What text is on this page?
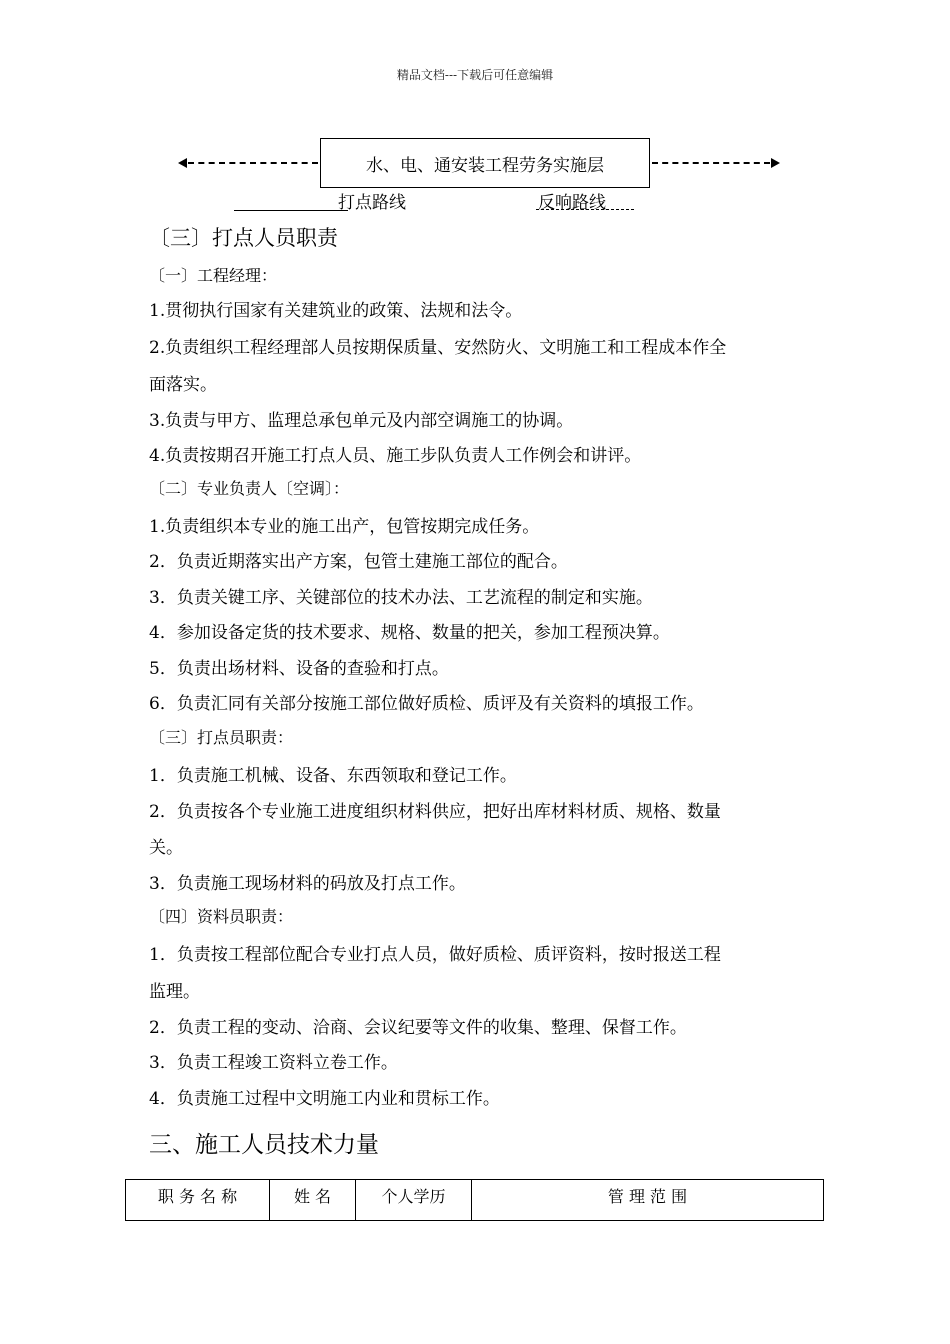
精品文档---下载后可任意编辑
水、电、通安装工程劳务实施层
打点路线	反响路线
〔三〕打点人员职责
〔一〕工程经理：
1.贯彻执行国家有关建筑业的政策、法规和法令。
2.负责组织工程经理部人员按期保质量、安然防火、文明施工和工程成本作全
面落实。
3.负责与甲方、监理总承包单元及内部空调施工的协调。
4.负责按期召开施工打点人员、施工步队负责人工作例会和讲评。
〔二〕专业负责人〔空调〕：
1.负责组织本专业的施工出产，包管按期完成任务。
2．负责近期落实出产方案，包管土建施工部位的配合。
3．负责关键工序、关键部位的技术办法、工艺流程的制定和实施。
4．参加设备定货的技术要求、规格、数量的把关，参加工程预决算。
5．负责出场材料、设备的查验和打点。
6．负责汇同有关部分按施工部位做好质检、质评及有关资料的填报工作。
〔三〕打点员职责：
1．负责施工机械、设备、东西领取和登记工作。
2．负责按各个专业施工进度组织材料供应，把好出库材料材质、规格、数量
关。
3．负责施工现场材料的码放及打点工作。
〔四〕资料员职责：
1．负责按工程部位配合专业打点人员，做好质检、质评资料，按时报送工程
监理。
2．负责工程的变动、洽商、会议纪要等文件的收集、整理、保督工作。
3．负责工程竣工资料立卷工作。
4．负责施工过程中文明施工内业和贯标工作。
三、施工人员技术力量
职 务 名 称	姓 名	个人学历	管 理 范 围
